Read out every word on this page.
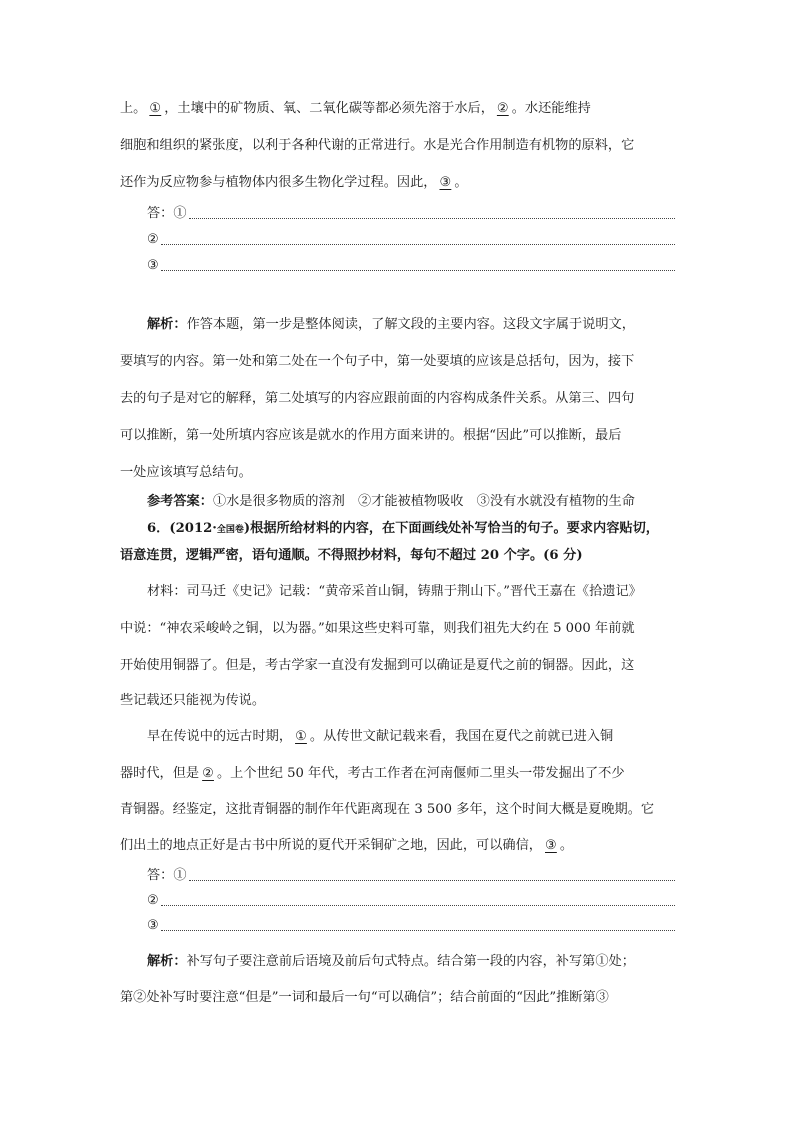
上。 ① ，土壤中的矿物质、氧、二氧化碳等都必须先溶于水后， ② 。水还能维持
细胞和组织的紧张度，以利于各种代谢的正常进行。水是光合作用制造有机物的原料，它
还作为反应物参与植物体内很多生物化学过程。因此， ③ 。
答：①
②
③
解析：作答本题，第一步是整体阅读，了解文段的主要内容。这段文字属于说明文，
要填写的内容。第一处和第二处在一个句子中，第一处要填的应该是总括句，因为，接下
去的句子是对它的解释，第二处填写的内容应跟前面的内容构成条件关系。从第三、四句
可以推断，第一处所填内容应该是就水的作用方面来讲的。根据“因此”可以推断，最后
一处应该填写总结句。
参考答案：①水是很多物质的溶剂　②才能被植物吸收　③没有水就没有植物的生命
6．(2012·全国卷)根据所给材料的内容，在下面画线处补写恰当的句子。要求内容贴切，
语意连贯，逻辑严密，语句通顺。不得照抄材料，每句不超过 20 个字。(6 分)
材料：司马迁《史记》记载：“黄帝采首山铜，铸鼎于荆山下。”晋代王嘉在《拾遗记》
中说：“神农采峻岭之铜，以为器。”如果这些史料可靠，则我们祖先大约在 5 000 年前就
开始使用铜器了。但是，考古学家一直没有发掘到可以确证是夏代之前的铜器。因此，这
些记载还只能视为传说。
早在传说中的远古时期， ① 。从传世文献记载来看，我国在夏代之前就已进入铜
器时代，但是 ② 。上个世纪 50 年代，考古工作者在河南偃师二里头一带发掘出了不少
青铜器。经鉴定，这批青铜器的制作年代距离现在 3 500 多年，这个时间大概是夏晚期。它
们出土的地点正好是古书中所说的夏代开采铜矿之地，因此，可以确信， ③ 。
答：①
②
③
解析：补写句子要注意前后语境及前后句式特点。结合第一段的内容，补写第①处；
第②处补写时要注意“但是”一词和最后一句“可以确信”；结合前面的“因此”推断第③
